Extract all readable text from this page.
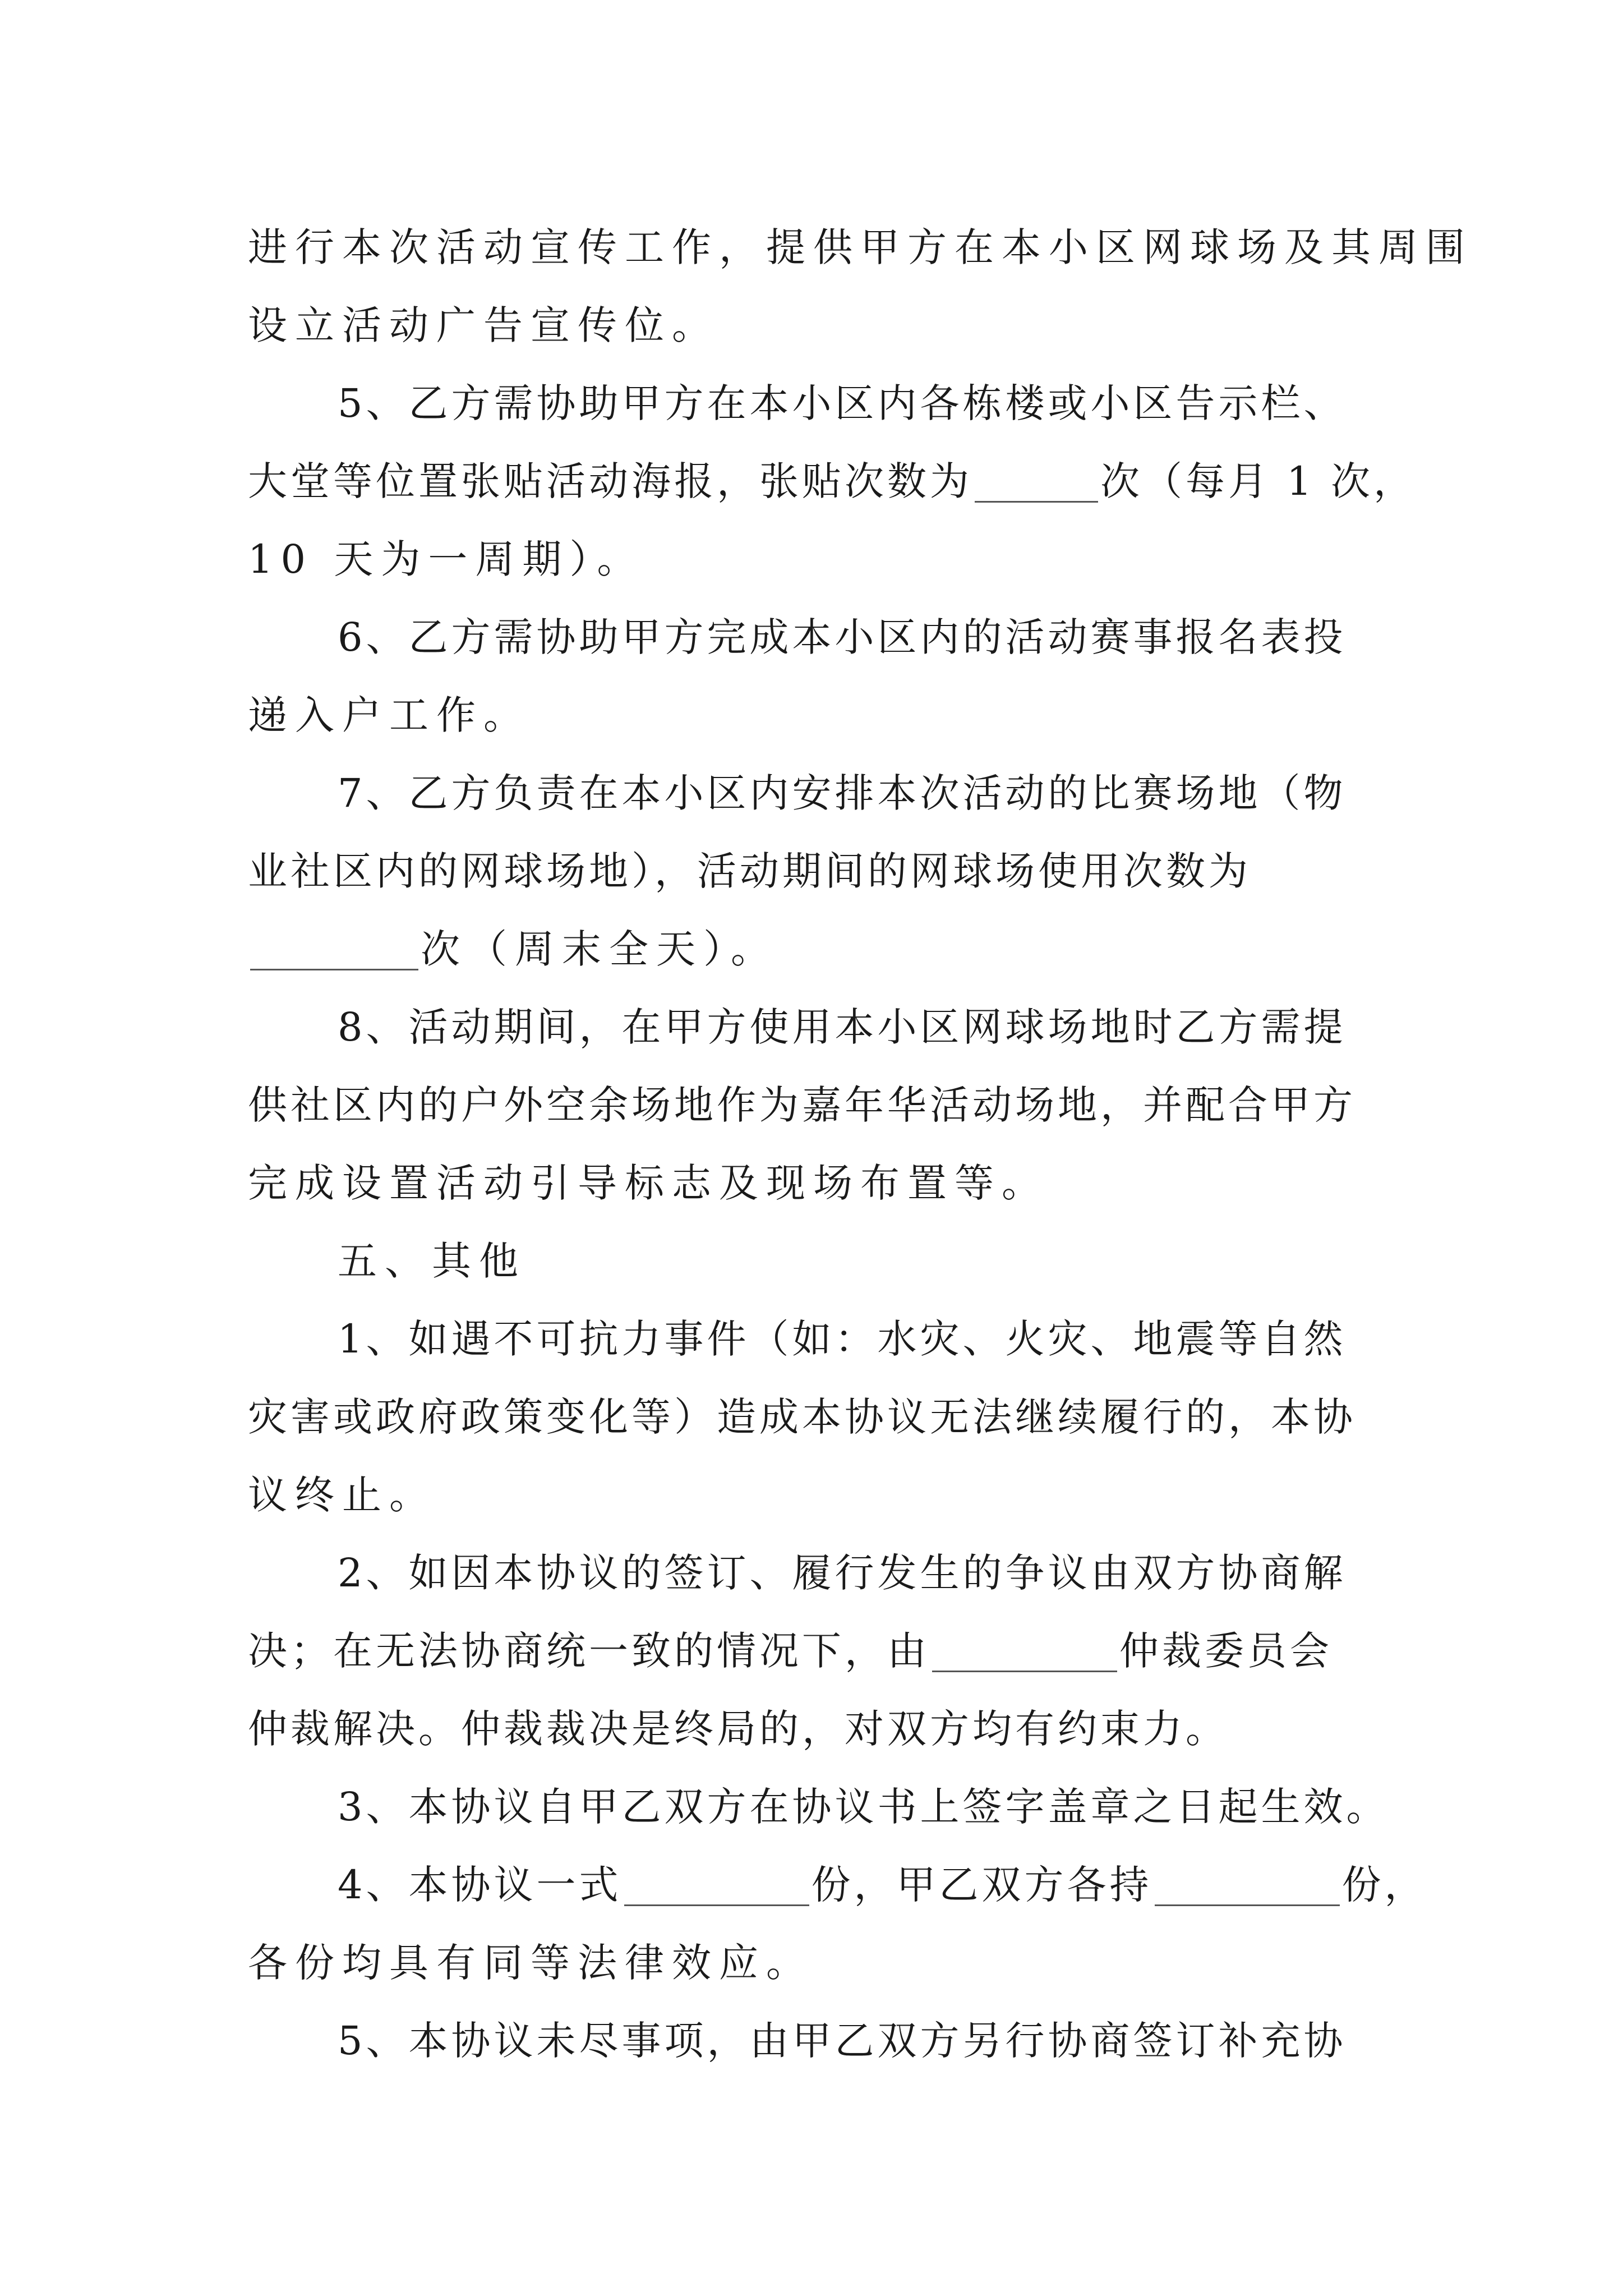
进行本次活动宣传工作，提供甲方在本小区网球场及其周围
设立活动广告宣传位。
5、乙方需协助甲方在本小区内各栋楼或小区告示栏、
大堂等位置张贴活动海报，张贴次数为	次（每月 1 次，
10 天为一周期）。
6、乙方需协助甲方完成本小区内的活动赛事报名表投
递入户工作。
7、乙方负责在本小区内安排本次活动的比赛场地（物
业社区内的网球场地），活动期间的网球场使用次数为
次（周末全天）。
8、活动期间，在甲方使用本小区网球场地时乙方需提
供社区内的户外空余场地作为嘉年华活动场地，并配合甲方
完成设置活动引导标志及现场布置等。
五、其他
1、如遇不可抗力事件（如：水灾、火灾、地震等自然
灾害或政府政策变化等）造成本协议无法继续履行的，本协
议终止。
2、如因本协议的签订、履行发生的争议由双方协商解
决；在无法协商统一致的情况下，由	仲裁委员会
仲裁解决。仲裁裁决是终局的，对双方均有约束力。
3、本协议自甲乙双方在协议书上签字盖章之日起生效。
4、本协议一式	份，甲乙双方各持	份，
各份均具有同等法律效应。
5、本协议未尽事项，由甲乙双方另行协商签订补充协
